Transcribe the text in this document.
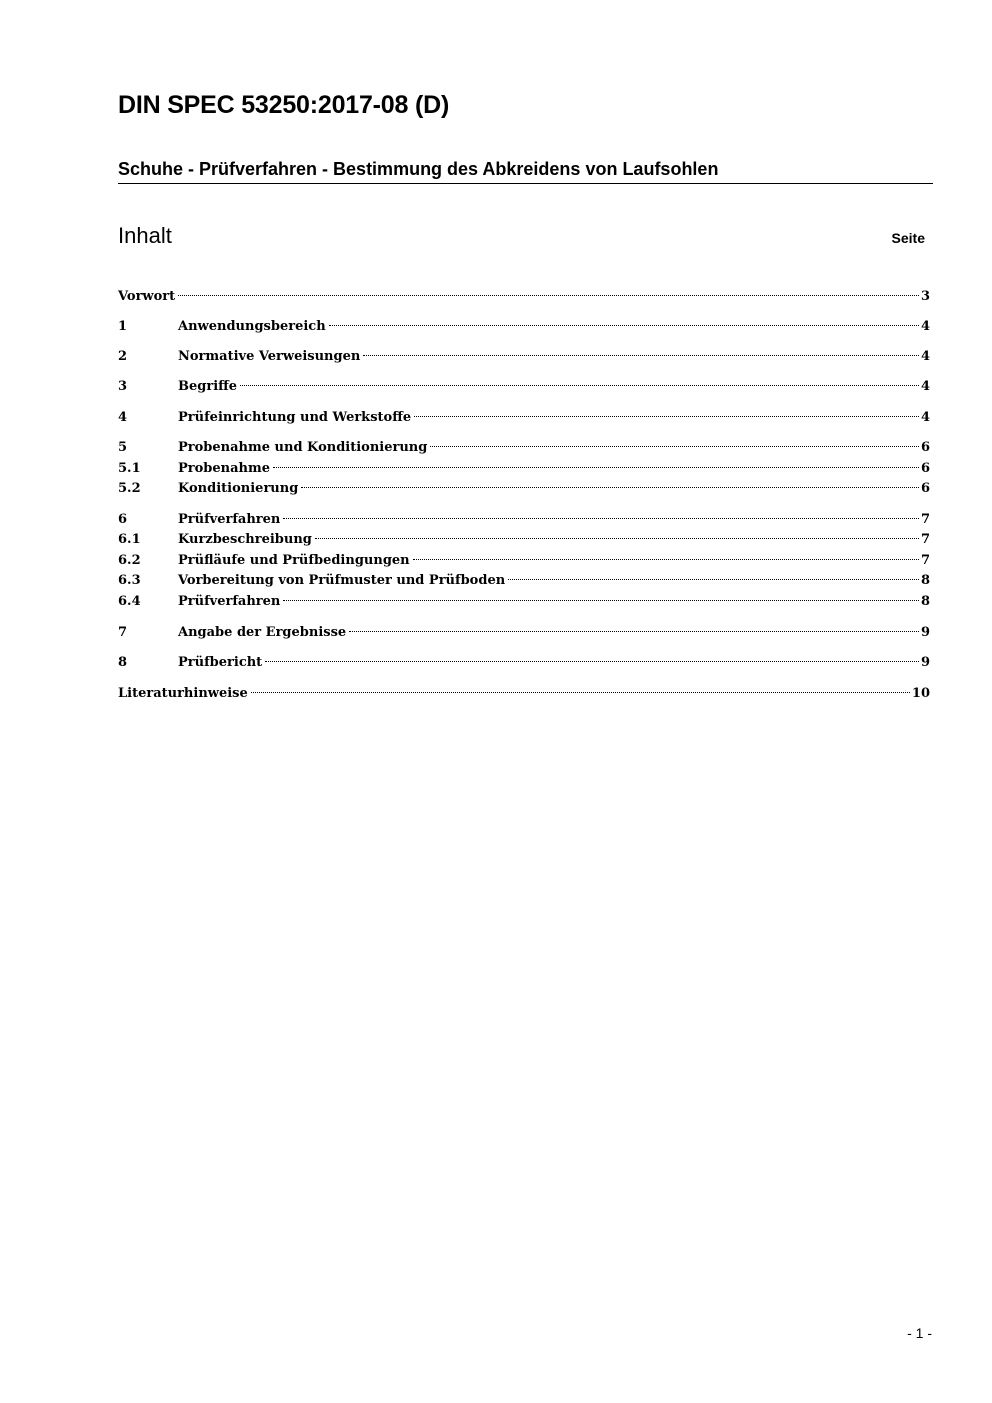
DIN SPEC 53250:2017-08 (D)
Schuhe - Prüfverfahren - Bestimmung des Abkreidens von Laufsohlen
Inhalt	Seite
Vorwort	3
1	Anwendungsbereich	4
2	Normative Verweisungen	4
3	Begriffe	4
4	Prüfeinrichtung und Werkstoffe	4
5	Probenahme und Konditionierung	6
5.1	Probenahme	6
5.2	Konditionierung	6
6	Prüfverfahren	7
6.1	Kurzbeschreibung	7
6.2	Prüfläufe und Prüfbedingungen	7
6.3	Vorbereitung von Prüfmuster und Prüfboden	8
6.4	Prüfverfahren	8
7	Angabe der Ergebnisse	9
8	Prüfbericht	9
Literaturhinweise	10
- 1 -
